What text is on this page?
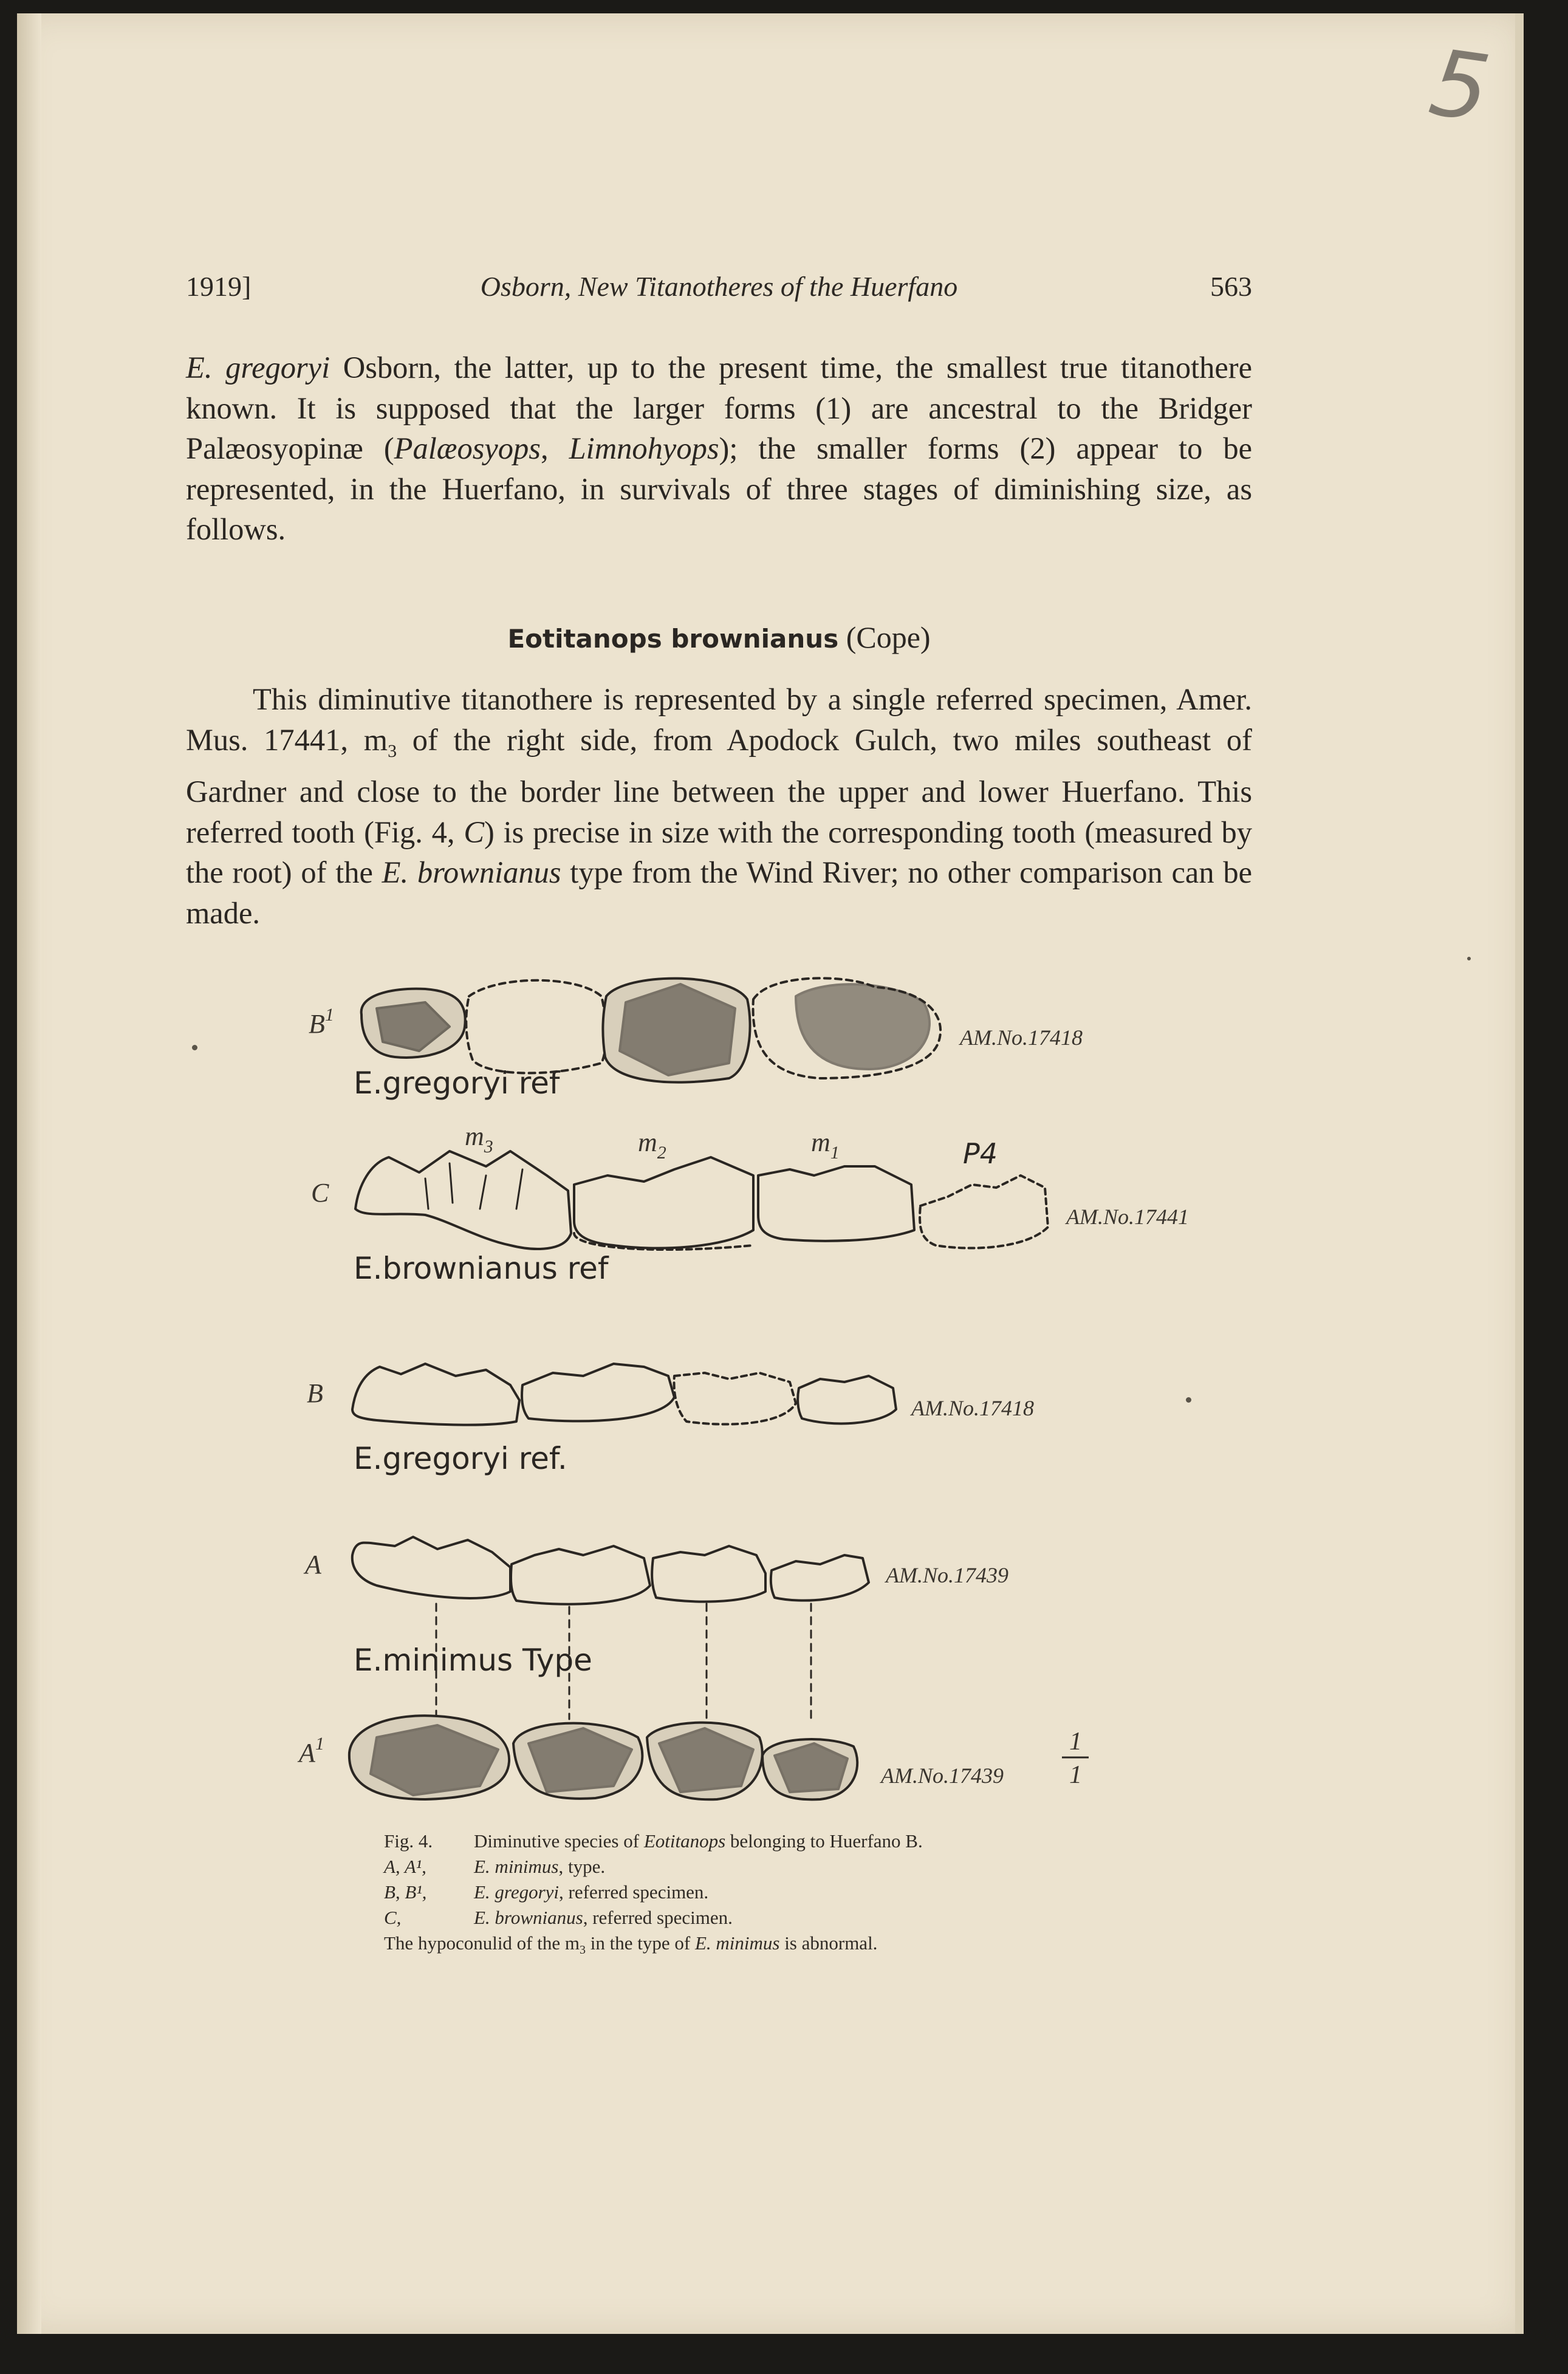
5
1919]	Osborn, New Titanotheres of the Huerfano	563
E. gregoryi Osborn, the latter, up to the present time, the smallest true titanothere known. It is supposed that the larger forms (1) are ancestral to the Bridger Palæosyopinæ (Palæosyops, Limnohyops); the smaller forms (2) appear to be represented, in the Huerfano, in survivals of three stages of diminishing size, as follows.
Eotitanops brownianus (Cope)
This diminutive titanothere is represented by a single referred specimen, Amer. Mus. 17441, $m_3$ of the right side, from Apodock Gulch, two miles southeast of Gardner and close to the border line between the upper and lower Huerfano. This referred tooth (Fig. 4, C) is precise in size with the corresponding tooth (measured by the root) of the E. brownianus type from the Wind River; no other comparison can be made.
$m_3$	$m_2$	$m_1$	P4
$B^1$
C
B
A
$A^1$
AM.No.17418
AM.No.17441
AM.No.17418
AM.No.17439
AM.No.17439
E.gregoryi ref
E.brownianus ref
E.gregoryi ref.
E.minimus Type
1
1
Fig. 4. Diminutive species of Eotitanops belonging to Huerfano B.
A, A¹,	E. minimus, type.
B, B¹,	E. gregoryi, referred specimen.
C,	E. brownianus, referred specimen.
The hypoconulid of the $m_3$ in the type of E. minimus is abnormal.
